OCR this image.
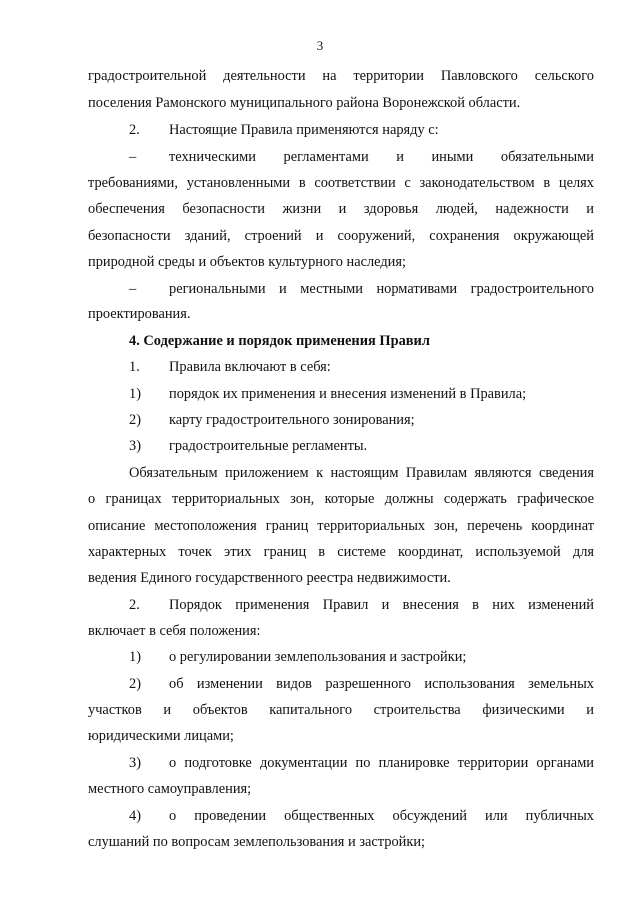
3
градостроительной деятельности на территории Павловского сельского
поселения Рамонского муниципального района Воронежской области.
2. Настоящие Правила применяются наряду с:
– техническими регламентами и иными обязательными
требованиями, установленными в соответствии с законодательством в целях
обеспечения безопасности жизни и здоровья людей, надежности и
безопасности зданий, строений и сооружений, сохранения окружающей
природной среды и объектов культурного наследия;
– региональными и местными нормативами градостроительного
проектирования.
4. Содержание и порядок применения Правил
1. Правила включают в себя:
1) порядок их применения и внесения изменений в Правила;
2) карту градостроительного зонирования;
3) градостроительные регламенты.
Обязательным приложением к настоящим Правилам являются сведения
о границах территориальных зон, которые должны содержать графическое
описание местоположения границ территориальных зон, перечень координат
характерных точек этих границ в системе координат, используемой для
ведения Единого государственного реестра недвижимости.
2. Порядок применения Правил и внесения в них изменений
включает в себя положения:
1) о регулировании землепользования и застройки;
2) об изменении видов разрешенного использования земельных
участков и объектов капитального строительства физическими и
юридическими лицами;
3) о подготовке документации по планировке территории органами
местного самоуправления;
4) о проведении общественных обсуждений или публичных
слушаний по вопросам землепользования и застройки;
